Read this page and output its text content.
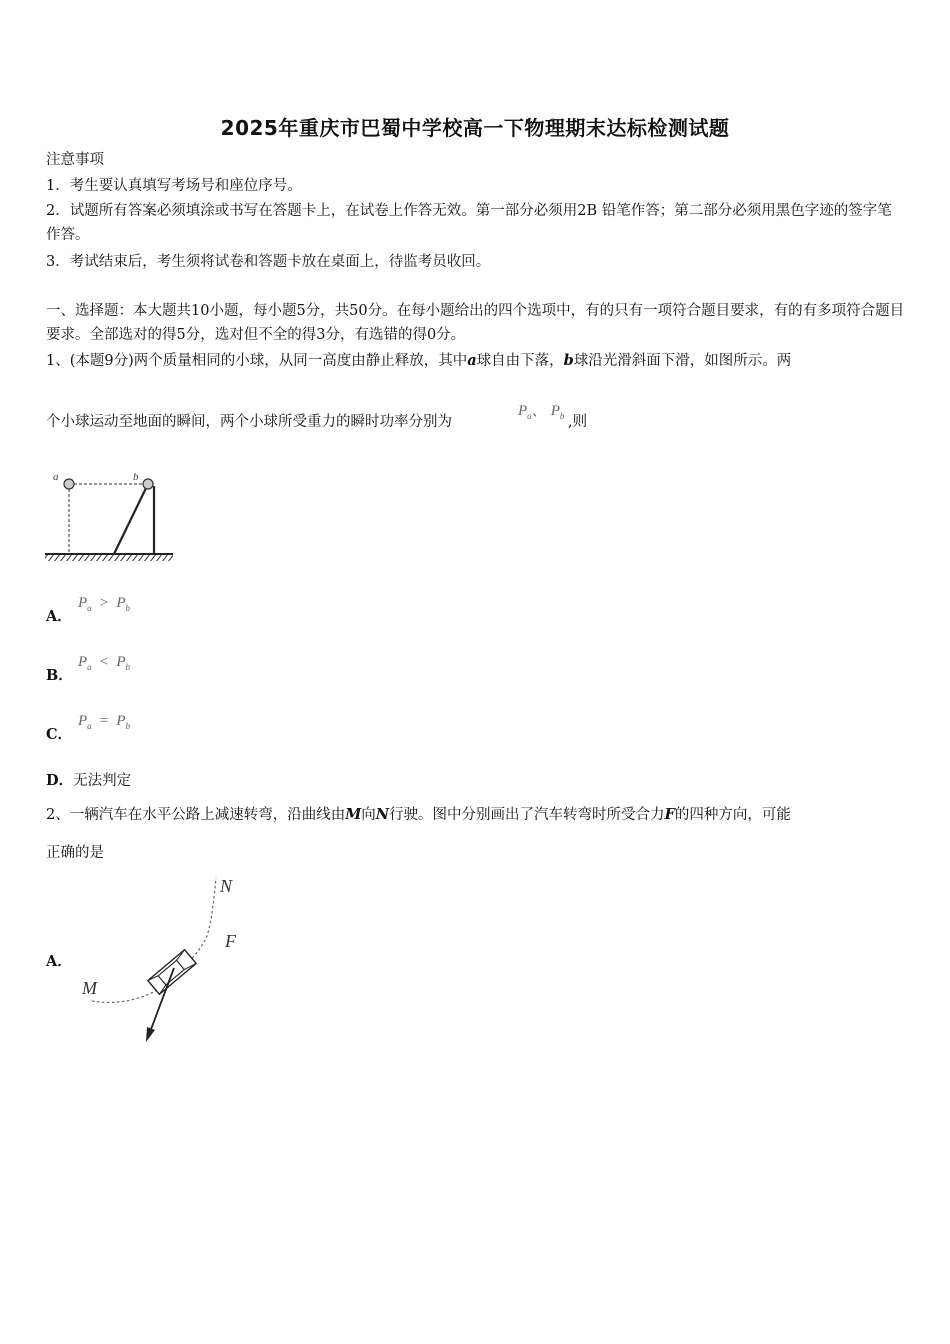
2025年重庆市巴蜀中学校高一下物理期末达标检测试题
注意事项
1．考生要认真填写考场号和座位序号。
2．试题所有答案必须填涂或书写在答题卡上，在试卷上作答无效。第一部分必须用2B 铅笔作答；第二部分必须用黑色字迹的签字笔作答。
3．考试结束后，考生须将试卷和答题卡放在桌面上，待监考员收回。
一、选择题：本大题共10小题，每小题5分，共50分。在每小题给出的四个选项中，有的只有一项符合题目要求，有的有多项符合题目要求。全部选对的得5分，选对但不全的得3分，有选错的得0分。
1、(本题9分)两个质量相同的小球，从同一高度由静止释放，其中a球自由下落，b球沿光滑斜面下滑，如图所示。两
个小球运动至地面的瞬间，两个小球所受重力的瞬时功率分别为
$P_a$、 $P_b$ ,则
a	b
A．
$P_a > P_b$
B．
$P_a < P_b$
C．
$P_a = P_b$
D．无法判定
2、一辆汽车在水平公路上减速转弯，沿曲线由M向N行驶。图中分别画出了汽车转弯时所受合力F的四种方向，可能
正确的是
A．
N
F
M
